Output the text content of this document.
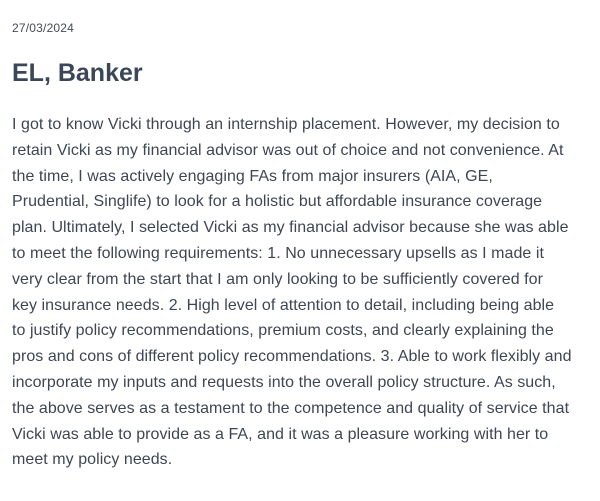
27/03/2024
EL, Banker
I got to know Vicki through an internship placement. However, my decision to retain Vicki as my financial advisor was out of choice and not convenience. At the time, I was actively engaging FAs from major insurers (AIA, GE, Prudential, Singlife) to look for a holistic but affordable insurance coverage plan. Ultimately, I selected Vicki as my financial advisor because she was able to meet the following requirements: 1. No unnecessary upsells as I made it very clear from the start that I am only looking to be sufficiently covered for key insurance needs. 2. High level of attention to detail, including being able to justify policy recommendations, premium costs, and clearly explaining the pros and cons of different policy recommendations. 3. Able to work flexibly and incorporate my inputs and requests into the overall policy structure. As such, the above serves as a testament to the competence and quality of service that Vicki was able to provide as a FA, and it was a pleasure working with her to meet my policy needs.
